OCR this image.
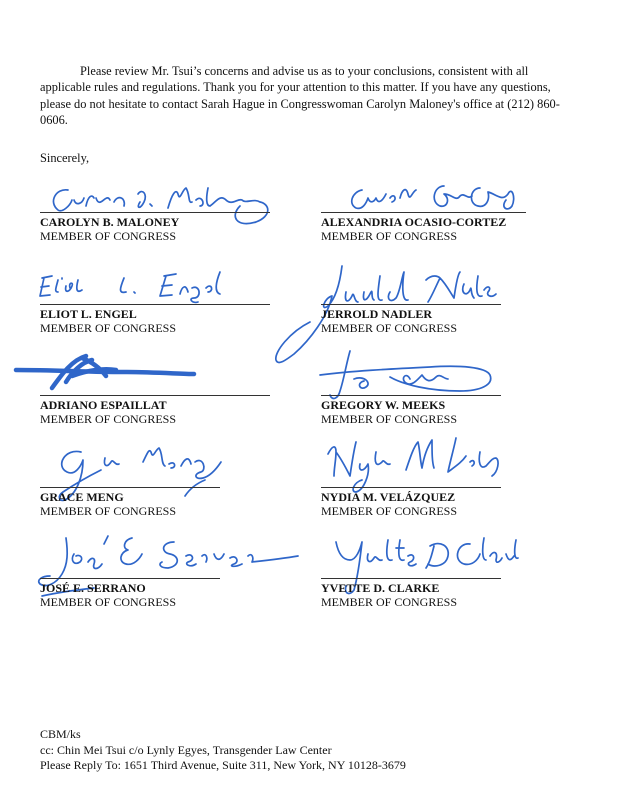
Please review Mr. Tsui’s concerns and advise us as to your conclusions, consistent with all applicable rules and regulations. Thank you for your attention to this matter. If you have any questions, please do not hesitate to contact Sarah Hague in Congresswoman Carolyn Maloney's office at (212) 860-0606.
Sincerely,
CAROLYN B. MALONEY
MEMBER OF CONGRESS
ALEXANDRIA OCASIO-CORTEZ
MEMBER OF CONGRESS
ELIOT L. ENGEL
MEMBER OF CONGRESS
JERROLD NADLER
MEMBER OF CONGRESS
ADRIANO ESPAILLAT
MEMBER OF CONGRESS
GREGORY W. MEEKS
MEMBER OF CONGRESS
GRACE MENG
MEMBER OF CONGRESS
NYDIA M. VELÁZQUEZ
MEMBER OF CONGRESS
JOSÉ E. SERRANO
MEMBER OF CONGRESS
YVETTE D. CLARKE
MEMBER OF CONGRESS
CBM/ks
cc: Chin Mei Tsui c/o Lynly Egyes, Transgender Law Center
Please Reply To: 1651 Third Avenue, Suite 311, New York, NY 10128-3679
